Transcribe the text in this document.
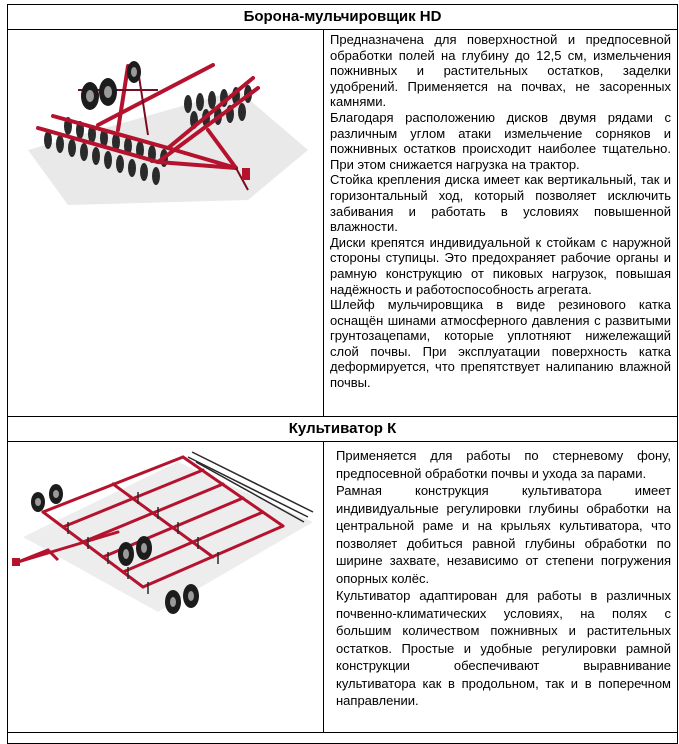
Борона-мульчировщик HD

Предназначена для поверхностной и предпосевной обработки полей на глубину до 12,5 см, измельчения пожнивных и растительных остатков, заделки удобрений. Применяется на почвах, не засоренных камнями.

Благодаря расположению дисков двумя рядами с различным углом атаки измельчение сорняков и пожнивных остатков происходит наиболее тщательно. При этом снижается нагрузка на трактор.

Стойка крепления диска имеет как вертикальный, так и горизонтальный ход, который позволяет исключить забивания и работать в условиях повышенной влажности.

Диски крепятся индивидуальной к стойкам с наружной стороны ступицы. Это предохраняет рабочие органы и рамную конструкцию от пиковых нагрузок, повышая надёжность и работоспособность агрегата.

Шлейф мульчировщика в виде резинового катка оснащён шинами атмосферного давления с развитыми грунтозацепами, которые уплотняют нижележащий слой почвы. При эксплуатации поверхность катка деформируется, что препятствует налипанию влажной почвы.

Культиватор К

Применяется для работы по стерневому фону, предпосевной обработки почвы и ухода за парами.

Рамная конструкция культиватора имеет индивидуальные регулировки глубины обработки на центральной раме и на крыльях культиватора, что позволяет добиться равной глубины обработки по ширине захвате, независимо от степени погружения опорных колёс.

Культиватор адаптирован для работы в различных почвенно-климатических условиях, на полях с большим количеством пожнивных и растительных остатков. Простые и удобные регулировки рамной конструкции обеспечивают выравнивание культиватора как в продольном, так и в поперечном направлении.
